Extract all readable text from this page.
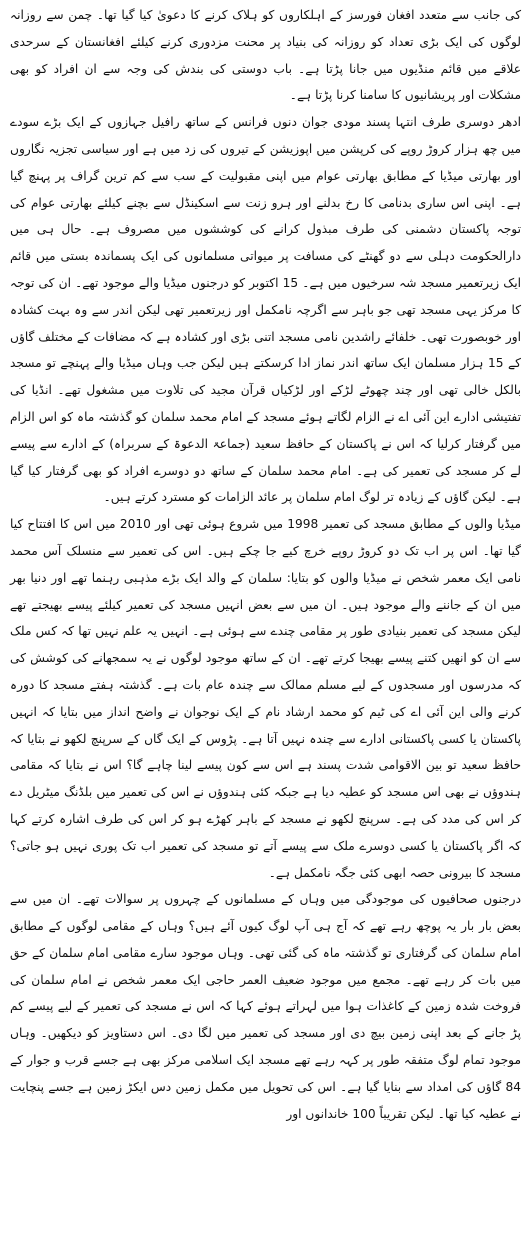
کی جانب سے متعدد افغان فورسز کے اہلکاروں کو ہلاک کرنے کا دعویٰ کیا گیا تھا۔ چمن سے روزانہ لوگوں کی ایک بڑی تعداد کو روزانہ کی بنیاد پر محنت مزدوری کرنے کیلئے افغانستان کے سرحدی علاقے میں قائم منڈیوں میں جانا پڑتا ہے۔ باب دوستی کی بندش کی وجہ سے ان افراد کو بھی مشکلات اور پریشانیوں کا سامنا کرنا پڑتا ہے۔

ادھر دوسری طرف انتہا پسند مودی جوان دنوں فرانس کے ساتھ رافیل جہازوں کے ایک بڑے سودے میں چھ ہزار کروڑ روپے کی کرپشن میں اپوزیشن کے تیروں کی زد میں ہے اور سیاسی تجزیہ نگاروں اور بھارتی میڈیا کے مطابق بھارتی عوام میں اپنی مقبولیت کے سب سے کم ترین گراف پر پہنچ گیا ہے۔ اپنی اس ساری بدنامی کا رخ بدلنے اور ہرو زنت سے اسکینڈل سے بچنے کیلئے بھارتی عوام کی توجہ پاکستان دشمنی کی طرف مبذول کرانے کی کوششوں میں مصروف ہے۔ حال ہی میں دارالحکومت دہلی سے دو گھنٹے کی مسافت پر میواتی مسلمانوں کی ایک پسماندہ بستی میں قائم ایک زیرتعمیر مسجد شہ سرخیوں میں ہے۔ 15 اکتوبر کو درجنوں میڈیا والے موجود تھے۔ ان کی توجہ کا مرکز یہی مسجد تھی جو باہر سے اگرچہ نامکمل اور زیرتعمیر تھی لیکن اندر سے وہ بہت کشادہ اور خوبصورت تھی۔ خلفائے راشدین نامی مسجد اتنی بڑی اور کشادہ ہے کہ مضافات کے مختلف گاؤں کے 15 ہزار مسلمان ایک ساتھ اندر نماز ادا کرسکتے ہیں لیکن جب وہاں میڈیا والے پہنچے تو مسجد بالکل خالی تھی اور چند چھوٹے لڑکے اور لڑکیاں قرآن مجید کی تلاوت میں مشغول تھے۔ انڈیا کی تفتیشی ادارے این آئی اے نے الزام لگاتے ہوئے مسجد کے امام محمد سلمان کو گذشتہ ماہ کو اس الزام میں گرفتار کرلیا کہ اس نے پاکستان کے حافظ سعید (جماعۃ الدعوۃ کے سربراہ) کے ادارے سے پیسے لے کر مسجد کی تعمیر کی ہے۔ امام محمد سلمان کے ساتھ دو دوسرے افراد کو بھی گرفتار کیا گیا ہے۔ لیکن گاؤں کے زیادہ تر لوگ امام سلمان پر عائد الزامات کو مسترد کرتے ہیں۔

میڈیا والوں کے مطابق مسجد کی تعمیر 1998 میں شروع ہوئی تھی اور 2010 میں اس کا افتتاح کیا گیا تھا۔ اس پر اب تک دو کروڑ روپے خرچ کیے جا چکے ہیں۔ اس کی تعمیر سے منسلک آس محمد نامی ایک معمر شخص نے میڈیا والوں کو بتایا: سلمان کے والد ایک بڑے مذہبی رہنما تھے اور دنیا بھر میں ان کے جاننے والے موجود ہیں۔ ان میں سے بعض انہیں مسجد کی تعمیر کیلئے پیسے بھیجتے تھے لیکن مسجد کی تعمیر بنیادی طور پر مقامی چندے سے ہوئی ہے۔ انہیں یہ علم نہیں تھا کہ کس ملک سے ان کو انھیں کتنے پیسے بھیجا کرتے تھے۔ ان کے ساتھ موجود لوگوں نے یہ سمجھانے کی کوشش کی کہ مدرسوں اور مسجدوں کے لیے مسلم ممالک سے چندہ عام بات ہے۔ گذشتہ ہفتے مسجد کا دورہ کرنے والی این آئی اے کی ٹیم کو محمد ارشاد نام کے ایک نوجوان نے واضح انداز میں بتایا کہ انہیں پاکستان یا کسی پاکستانی ادارے سے چندہ نہیں آتا ہے۔ پڑوس کے ایک گاں کے سرپنچ لکھو نے بتایا کہ حافظ سعید تو بین الاقوامی شدت پسند ہے اس سے کون پیسے لینا چاہے گا؟ اس نے بتایا کہ مقامی ہندوؤں نے بھی اس مسجد کو عطیہ دیا ہے جبکہ کئی ہندوؤں نے اس کی تعمیر میں بلڈنگ میٹریل دے کر اس کی مدد کی ہے۔ سرپنچ لکھو نے مسجد کے باہر کھڑے ہو کر اس کی طرف اشارہ کرتے کہا کہ اگر پاکستان یا کسی دوسرے ملک سے پیسے آتے تو مسجد کی تعمیر اب تک پوری نہیں ہو جاتی؟ مسجد کا بیرونی حصہ ابھی کئی جگہ نامکمل ہے۔

درجنوں صحافیوں کی موجودگی میں وہاں کے مسلمانوں کے چہروں پر سوالات تھے۔ ان میں سے بعض بار بار یہ پوچھ رہے تھے کہ آج ہی آپ لوگ کیوں آئے ہیں؟ وہاں کے مقامی لوگوں کے مطابق امام سلمان کی گرفتاری تو گذشتہ ماہ کی گئی تھی۔ وہاں موجود سارے مقامی امام سلمان کے حق میں بات کر رہے تھے۔ مجمع میں موجود ضعیف العمر حاجی ایک معمر شخص نے امام سلمان کی فروخت شدہ زمین کے کاغذات ہوا میں لہراتے ہوئے کہا کہ اس نے مسجد کی تعمیر کے لیے پیسے کم پڑ جانے کے بعد اپنی زمین بیچ دی اور مسجد کی تعمیر میں لگا دی۔ اس دستاویز کو دیکھیں۔ وہاں موجود تمام لوگ متفقہ طور پر کہہ رہے تھے مسجد ایک اسلامی مرکز بھی ہے جسے قرب و جوار کے 84 گاؤں کی امداد سے بنایا گیا ہے۔ اس کی تحویل میں مکمل زمین دس ایکڑ زمین ہے جسے پنچایت نے عطیہ کیا تھا۔ لیکن تقریباً 100 خاندانوں اور
